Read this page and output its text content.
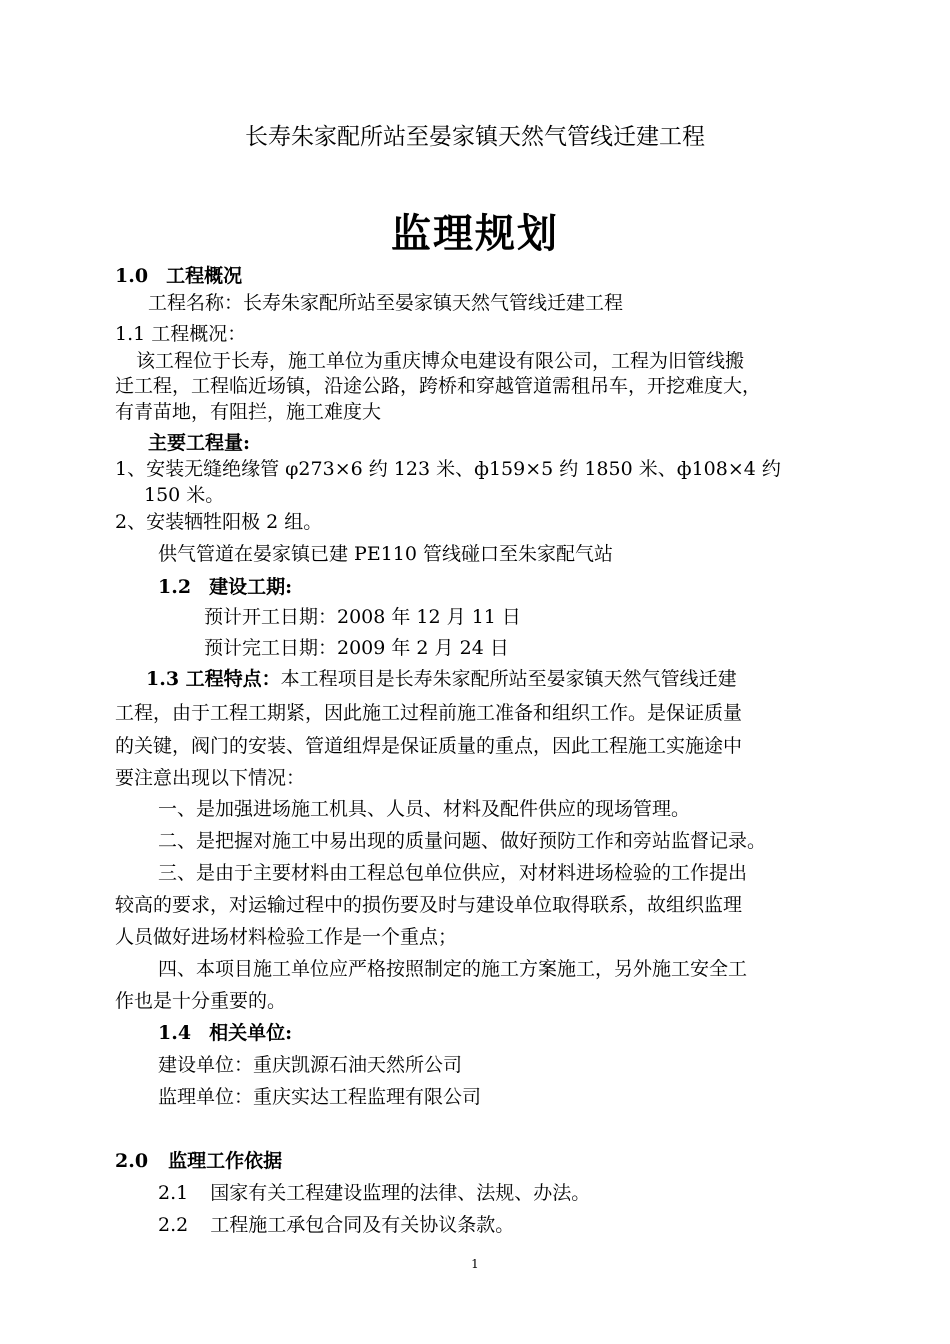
长寿朱家配所站至晏家镇天然气管线迁建工程
监理规划
1.0 工程概况
工程名称：长寿朱家配所站至晏家镇天然气管线迁建工程
1.1 工程概况：
该工程位于长寿，施工单位为重庆博众电建设有限公司，工程为旧管线搬
迁工程，工程临近场镇，沿途公路，跨桥和穿越管道需租吊车，开挖难度大，
有青苗地，有阻拦，施工难度大
主要工程量:
1、安装无缝绝缘管 φ273×6 约 123 米、ф159×5 约 1850 米、ф108×4 约
150 米。
2、安装牺牲阳极 2 组。
供气管道在晏家镇已建 PE110 管线碰口至朱家配气站
1.2 建设工期:
预计开工日期：2008 年 12 月 11 日
预计完工日期：2009 年 2 月 24 日
1.3 工程特点：本工程项目是长寿朱家配所站至晏家镇天然气管线迁建
工程，由于工程工期紧，因此施工过程前施工准备和组织工作。是保证质量
的关键，阀门的安装、管道组焊是保证质量的重点，因此工程施工实施途中
要注意出现以下情况：
一、是加强进场施工机具、人员、材料及配件供应的现场管理。
二、是把握对施工中易出现的质量问题、做好预防工作和旁站监督记录。
三、是由于主要材料由工程总包单位供应，对材料进场检验的工作提出
较高的要求，对运输过程中的损伤要及时与建设单位取得联系，故组织监理
人员做好进场材料检验工作是一个重点；
四、本项目施工单位应严格按照制定的施工方案施工，另外施工安全工
作也是十分重要的。
1.4 相关单位:
建设单位：重庆凯源石油天然所公司
监理单位：重庆实达工程监理有限公司
2.0 监理工作依据
2.1 国家有关工程建设监理的法律、法规、办法。
2.2 工程施工承包合同及有关协议条款。
1
